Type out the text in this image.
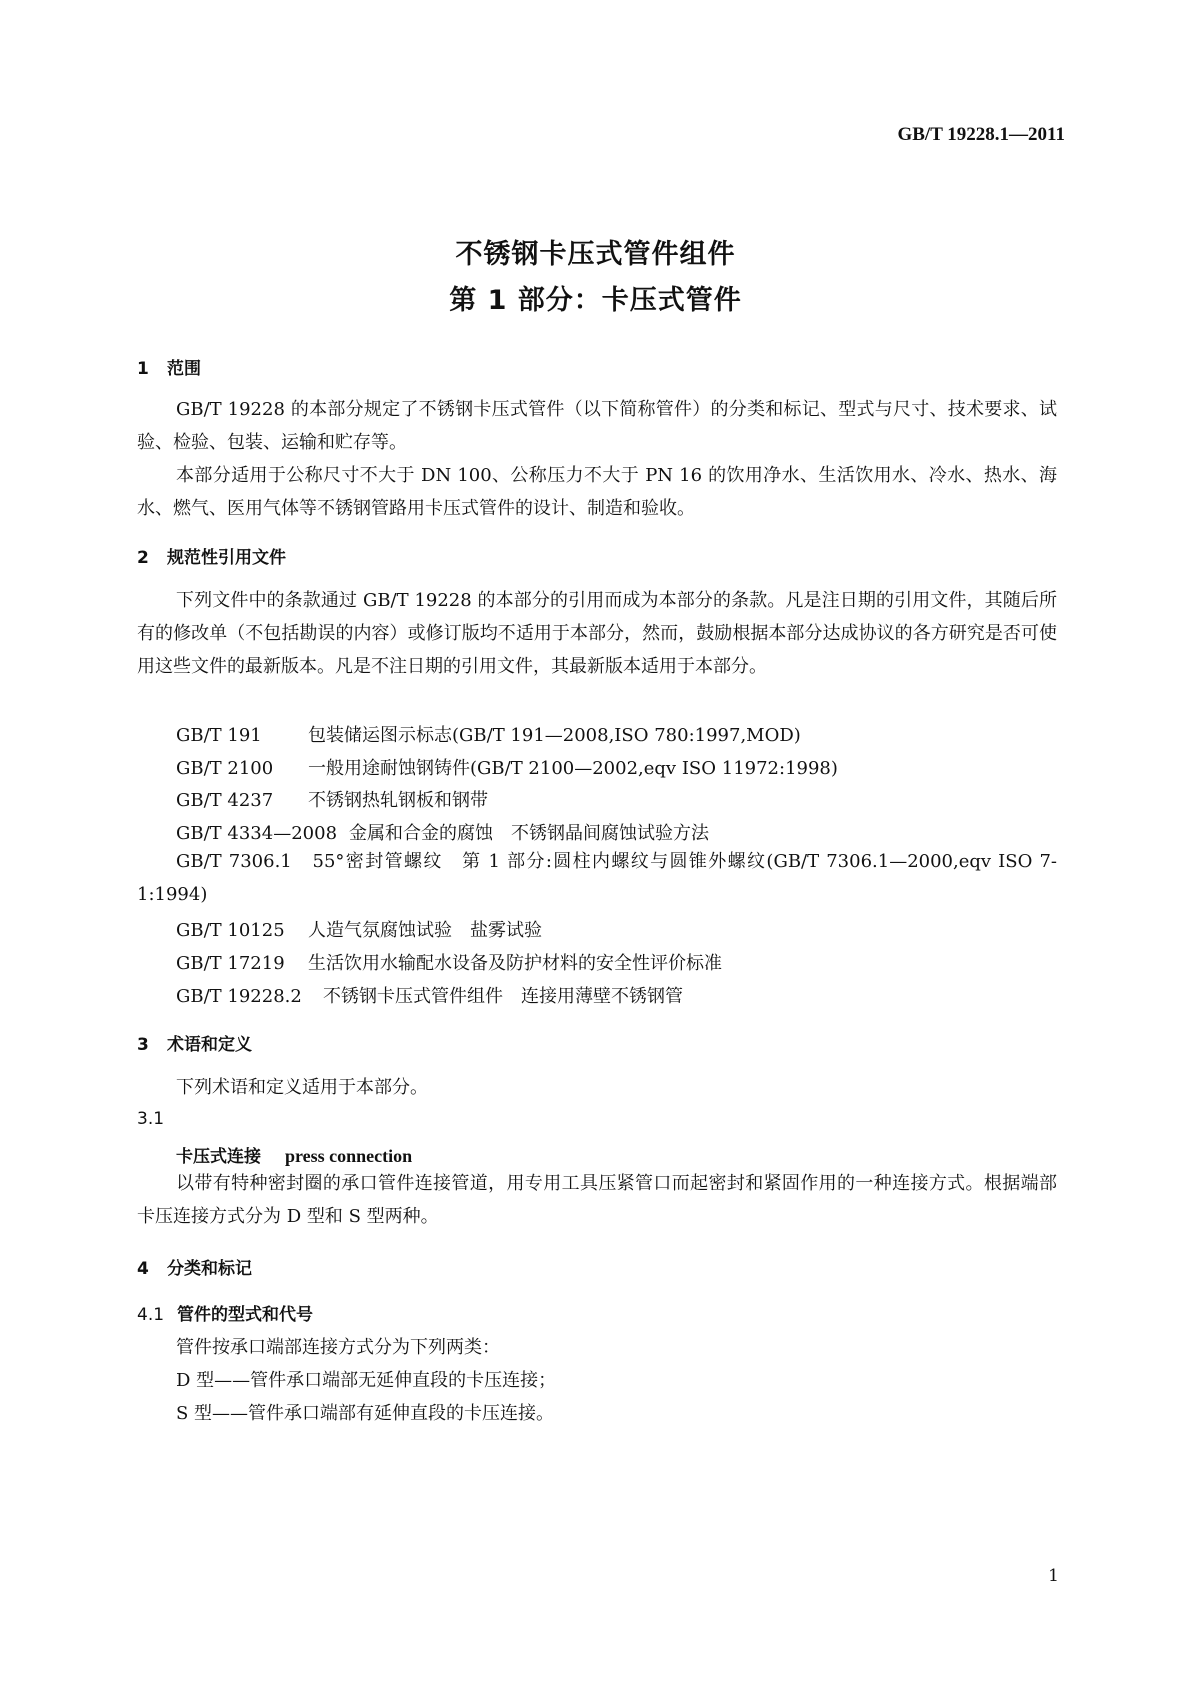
GB/T 19228.1—2011
不锈钢卡压式管件组件
第 1 部分：卡压式管件
1 范围

GB/T 19228 的本部分规定了不锈钢卡压式管件（以下简称管件）的分类和标记、型式与尺寸、技术要求、试验、检验、包装、运输和贮存等。

本部分适用于公称尺寸不大于 DN 100、公称压力不大于 PN 16 的饮用净水、生活饮用水、冷水、热水、海水、燃气、医用气体等不锈钢管路用卡压式管件的设计、制造和验收。

2 规范性引用文件

下列文件中的条款通过 GB/T 19228 的本部分的引用而成为本部分的条款。凡是注日期的引用文件，其随后所有的修改单（不包括勘误的内容）或修订版均不适用于本部分，然而，鼓励根据本部分达成协议的各方研究是否可使用这些文件的最新版本。凡是不注日期的引用文件，其最新版本适用于本部分。

GB/T 191	包装储运图示标志(GB/T 191—2008,ISO 780:1997,MOD)
GB/T 2100 一般用途耐蚀钢铸件(GB/T 2100—2002,eqv ISO 11972:1998)
GB/T 4237 不锈钢热轧钢板和钢带
GB/T 4334—2008 金属和合金的腐蚀　不锈钢晶间腐蚀试验方法

GB/T 7306.1　 55°密封管螺纹　第 1 部分:圆柱内螺纹与圆锥外螺纹(GB/T 7306.1—2000,eqv ISO 7-1:1994)

GB/T 10125 人造气氛腐蚀试验　盐雾试验
GB/T 17219 生活饮用水输配水设备及防护材料的安全性评价标准
GB/T 19228.2 不锈钢卡压式管件组件　连接用薄壁不锈钢管
3 术语和定义
下列术语和定义适用于本部分。
3.1
卡压式连接 press connection

以带有特种密封圈的承口管件连接管道，用专用工具压紧管口而起密封和紧固作用的一种连接方式。根据端部卡压连接方式分为 D 型和 S 型两种。

4 分类和标记
4.1 管件的型式和代号
管件按承口端部连接方式分为下列两类：
D 型——管件承口端部无延伸直段的卡压连接；
S 型——管件承口端部有延伸直段的卡压连接。
1
